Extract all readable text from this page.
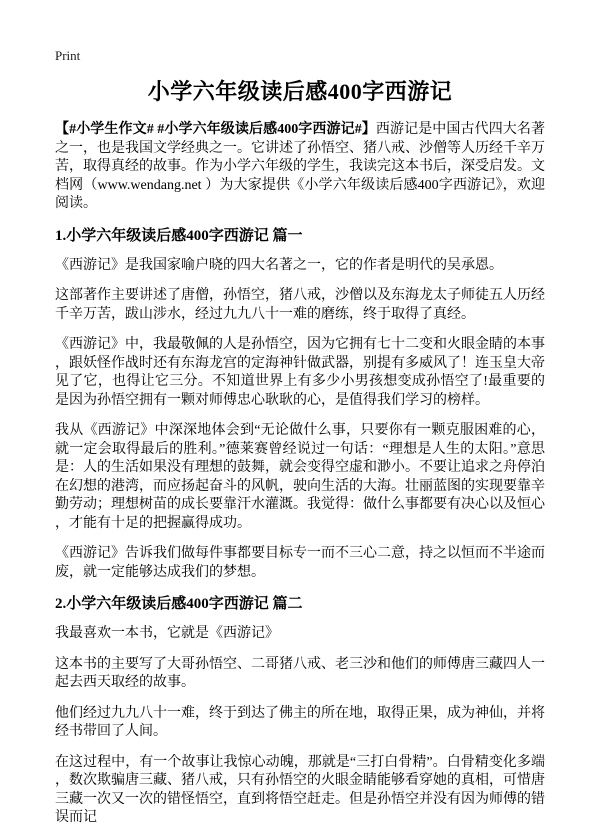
Print
小学六年级读后感400字西游记

【#小学生作文# #小学六年级读后感400字西游记#】西游记是中国古代四大名著之一，也是我国文学经典之一。它讲述了孙悟空、猪八戒、沙僧等人历经千辛万苦，取得真经的故事。作为小学六年级的学生，我读完这本书后，深受启发。文档网（www.wendang.net ）为大家提供《小学六年级读后感400字西游记》，欢迎阅读。

1.小学六年级读后感400字西游记 篇一

《西游记》是我国家喻户晓的四大名著之一，它的作者是明代的吴承恩。

这部著作主要讲述了唐僧，孙悟空，猪八戒，沙僧以及东海龙太子师徒五人历经千辛万苦，跋山涉水，经过九九八十一难的磨练，终于取得了真经。

《西游记》中，我最敬佩的人是孙悟空，因为它拥有七十二变和火眼金睛的本事，跟妖怪作战时还有东海龙宫的定海神针做武器，别提有多威风了！连玉皇大帝见了它，也得让它三分。不知道世界上有多少小男孩想变成孙悟空了!最重要的是因为孙悟空拥有一颗对师傅忠心耿耿的心，是值得我们学习的榜样。

我从《西游记》中深深地体会到“无论做什么事，只要你有一颗克服困难的心，就一定会取得最后的胜利。”德莱赛曾经说过一句话：“理想是人生的太阳。”意思是：人的生活如果没有理想的鼓舞，就会变得空虚和渺小。不要让追求之舟停泊在幻想的港湾，而应扬起奋斗的风帆，驶向生活的大海。壮丽蓝图的实现要靠辛勤劳动；理想树苗的成长要靠汗水灌溉。我觉得：做什么事都要有决心以及恒心，才能有十足的把握赢得成功。

《西游记》告诉我们做每件事都要目标专一而不三心二意，持之以恒而不半途而废，就一定能够达成我们的梦想。

2.小学六年级读后感400字西游记 篇二

我最喜欢一本书，它就是《西游记》

这本书的主要写了大哥孙悟空、二哥猪八戒、老三沙和他们的师傅唐三藏四人一起去西天取经的故事。

他们经过九九八十一难，终于到达了佛主的所在地，取得正果，成为神仙，并将经书带回了人间。

在这过程中，有一个故事让我惊心动魄，那就是“三打白骨精”。白骨精变化多端，数次欺骗唐三藏、猪八戒，只有孙悟空的火眼金睛能够看穿她的真相，可惜唐三藏一次又一次的错怪悟空，直到将悟空赶走。但是孙悟空并没有因为师傅的错误而记
